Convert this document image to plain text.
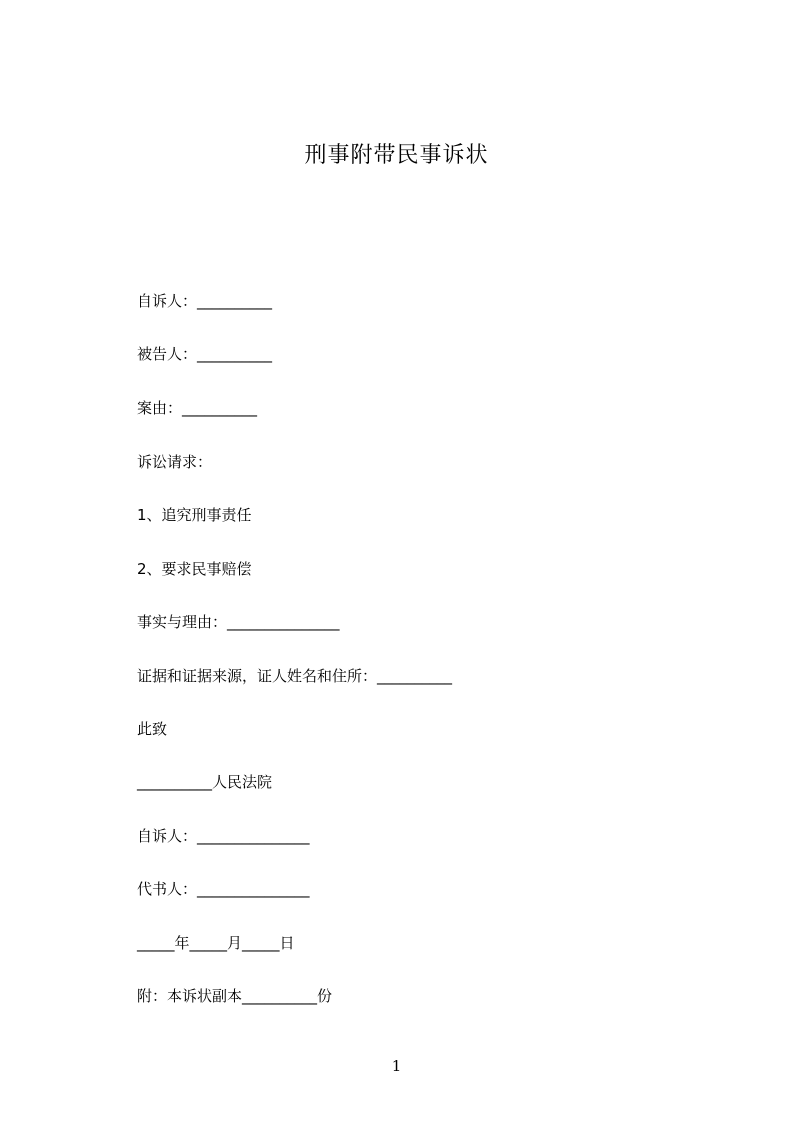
刑事附带民事诉状
自诉人：__________
被告人：__________
案由：__________
诉讼请求：
1、追究刑事责任
2、要求民事赔偿
事实与理由：_______________
证据和证据来源，证人姓名和住所：__________
此致
__________人民法院
自诉人：_______________
代书人：_______________
_____年_____月_____日
附：本诉状副本__________份
1
